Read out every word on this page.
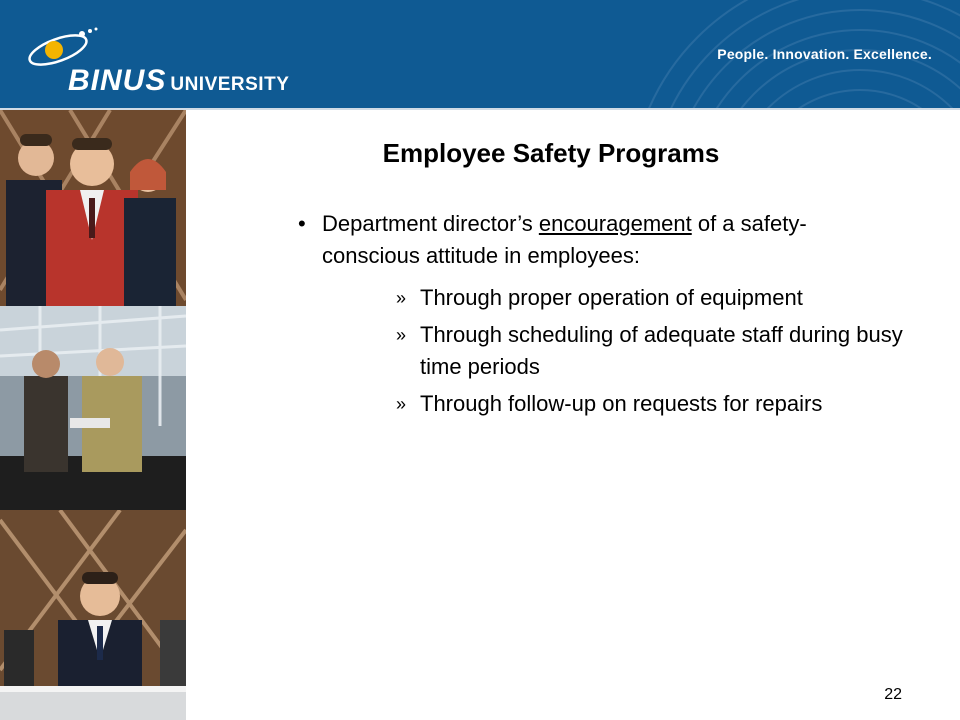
BINUS UNIVERSITY
People. Innovation. Excellence.
Employee Safety Programs
• Department director’s encouragement of a safety-conscious attitude in employees:
» Through proper operation of equipment
» Through scheduling of adequate staff during busy time periods
» Through follow-up on requests for repairs
22
